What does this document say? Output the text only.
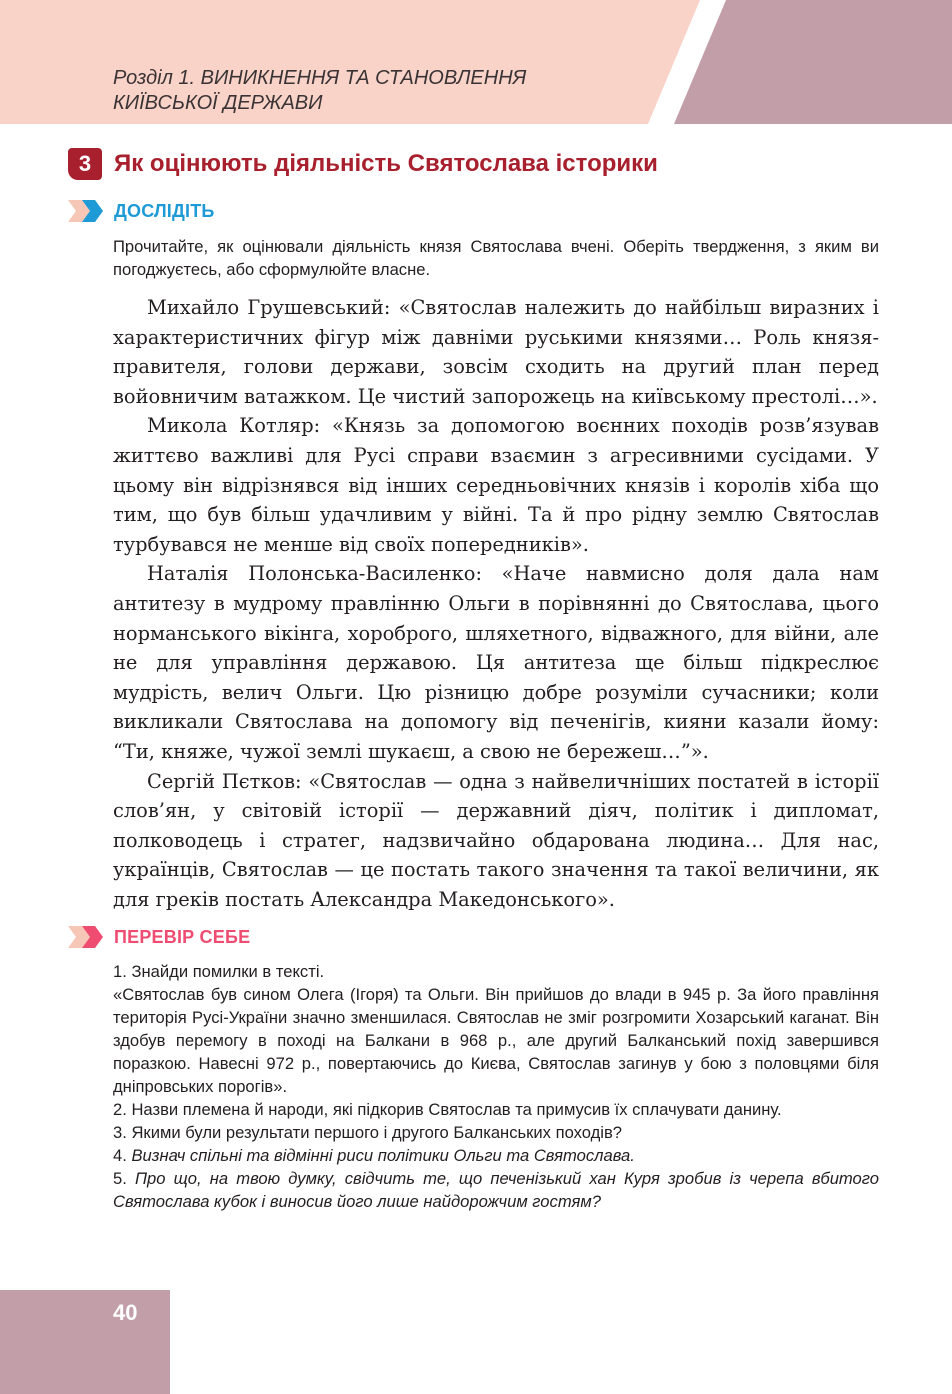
Розділ 1. ВИНИКНЕННЯ ТА СТАНОВЛЕННЯ
КИЇВСЬКОЇ ДЕРЖАВИ
3 Як оцінюють діяльність Святослава історики
ДОСЛІДІТЬ

Прочитайте, як оцінювали діяльність князя Святослава вчені. Оберіть твердження, з яким ви погоджуєтесь, або сформулюйте власне.

Михайло Грушевський: «Святослав належить до найбільш виразних і характеристичних фігур між давніми руськими князями… Роль князя-правителя, голови держави, зовсім сходить на другий план перед войовничим ватажком. Це чистий запорожець на київському престолі…».

Микола Котляр: «Князь за допомогою воєнних походів розв’язував життєво важливі для Русі справи взаємин з агресивними сусідами. У цьому він відрізнявся від інших середньовічних князів і королів хіба що тим, що був більш удачливим у війні. Та й про рідну землю Святослав турбувався не менше від своїх попередників».

Наталія Полонська-Василенко: «Наче навмисно доля дала нам антитезу в мудрому правлінню Ольги в порівнянні до Святослава, цього норманського вікінга, хороброго, шляхетного, відважного, для війни, але не для управління державою. Ця антитеза ще більш підкреслює мудрість, велич Ольги. Цю різницю добре розуміли сучасники; коли викликали Святослава на допомогу від печенігів, кияни казали йому: “Ти, княже, чужої землі шукаєш, а свою не бережеш…”».

Сергій Пєтков: «Святослав — одна з найвеличніших постатей в історії слов’ян, у світовій історії — державний діяч, політик і дипломат, полководець і стратег, надзвичайно обдарована людина… Для нас, українців, Святослав — це постать такого значення та такої величини, як для греків постать Александра Македонського».

ПЕРЕВІР СЕБЕ

1. Знайди помилки в тексті.

«Святослав був сином Олега (Ігоря) та Ольги. Він прийшов до влади в 945 р. За його правління територія Русі-України значно зменшилася. Святослав не зміг розгромити Хозарський каганат. Він здобув перемогу в поході на Балкани в 968 р., але другий Балканський похід завершився поразкою. Навесні 972 р., повертаючись до Києва, Святослав загинув у бою з половцями біля дніпровських порогів».

2. Назви племена й народи, які підкорив Святослав та примусив їх сплачувати данину.

3. Якими були результати першого і другого Балканських походів?

4. Визнач спільні та відмінні риси політики Ольги та Святослава.

5. Про що, на твою думку, свідчить те, що печенізький хан Куря зробив із черепа вбитого Святослава кубок і виносив його лише найдорожчим гостям?

40
